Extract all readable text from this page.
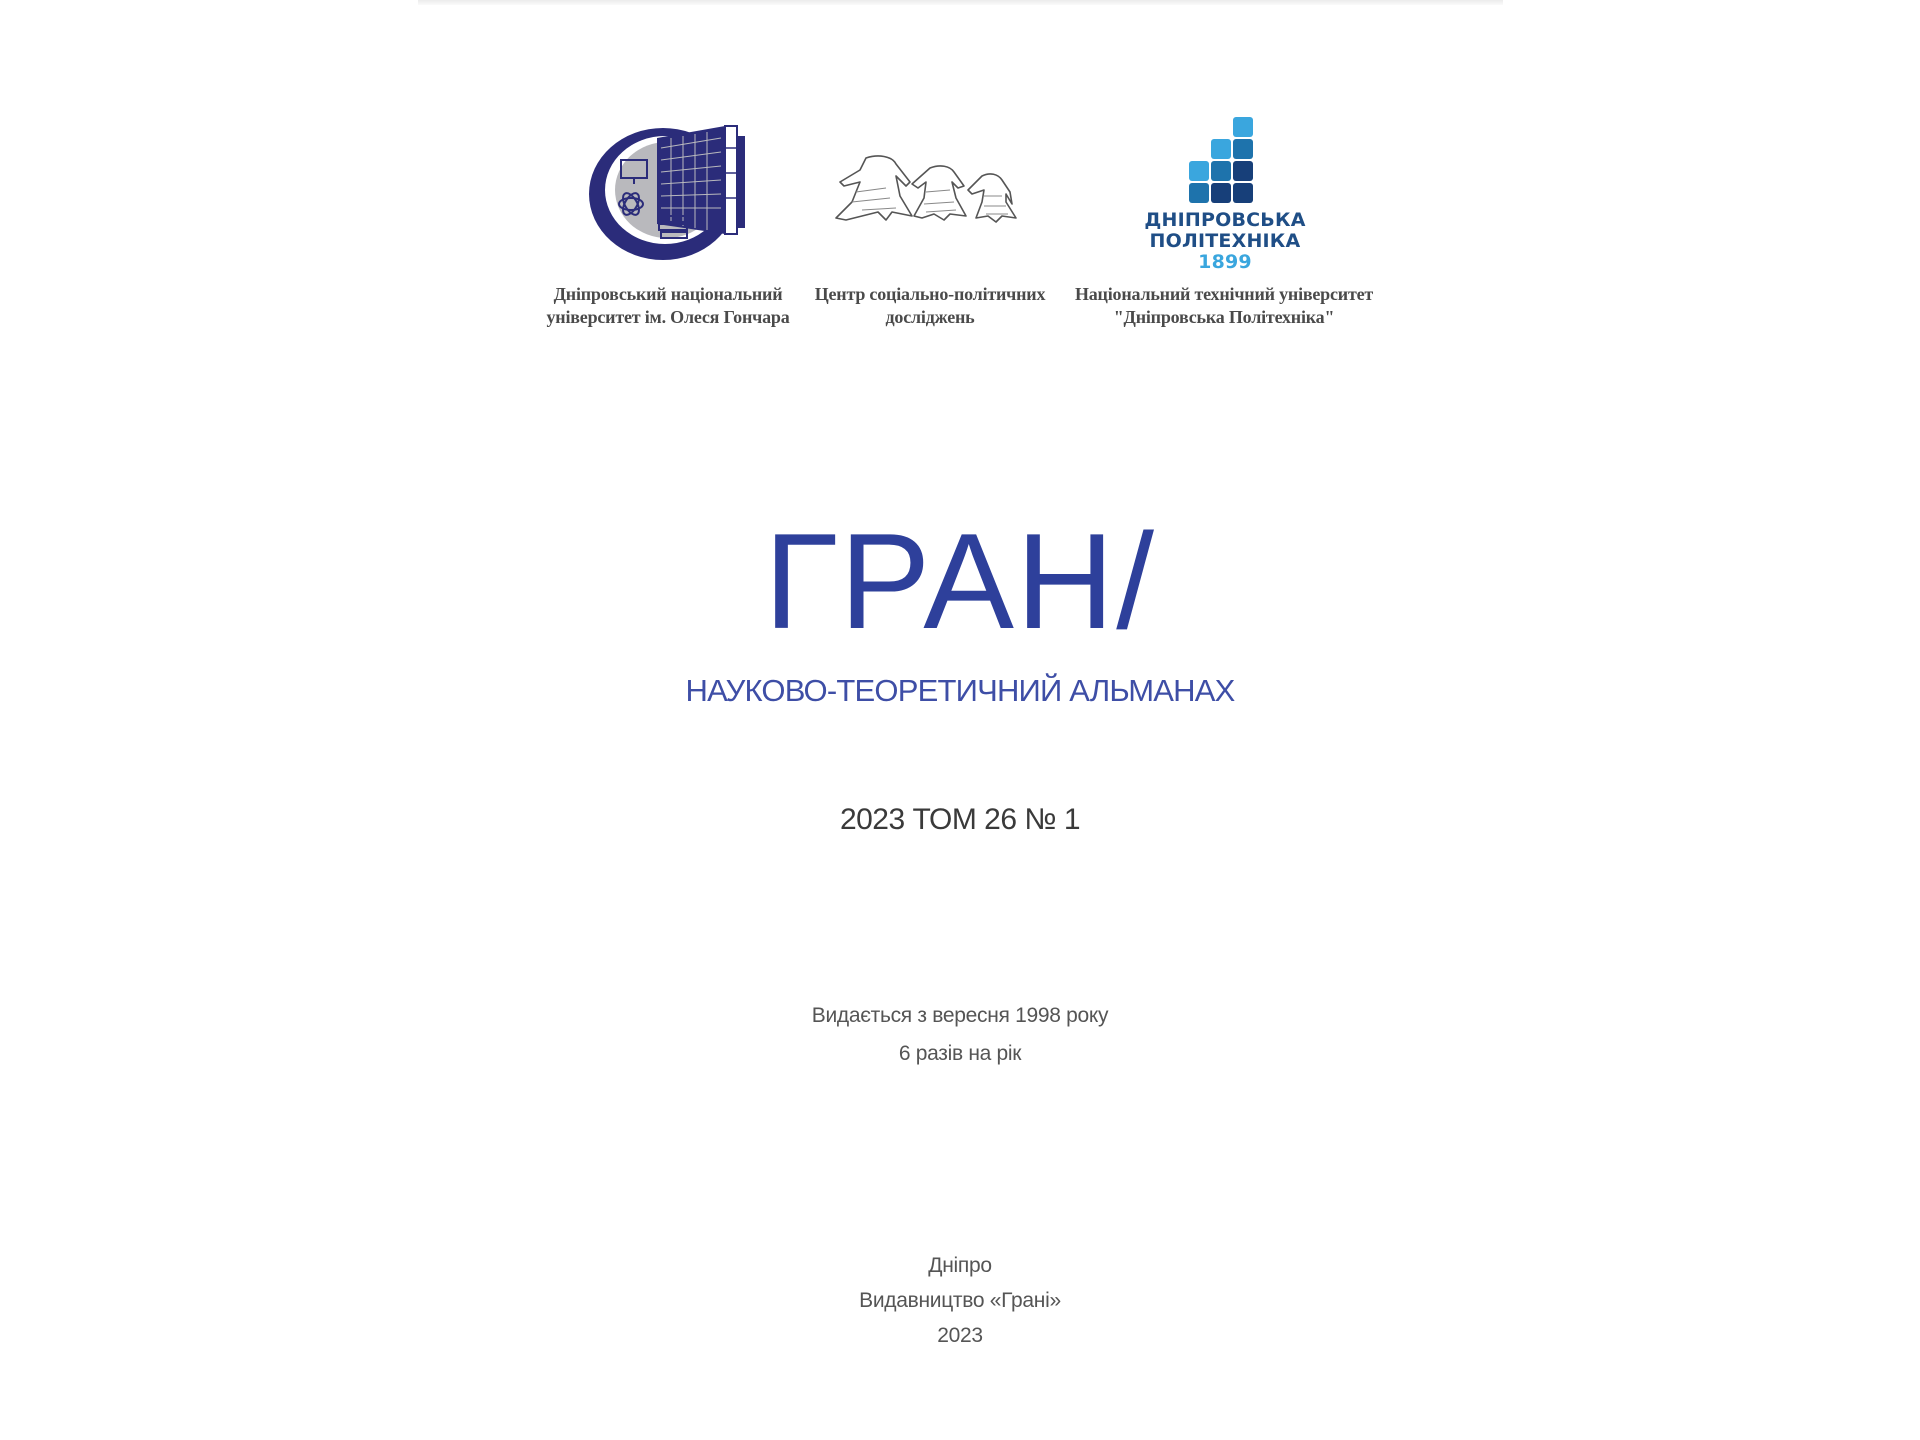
Дніпровський національний
університет ім. Олеся Гончара
Центр соціально-політичних
досліджень
ДНІПРОВСЬКА
ПОЛІТЕХНІКА
1899
Національний технічний університет
"Дніпровська Політехніка"
ГРАН/
НАУКОВО-ТЕОРЕТИЧНИЙ АЛЬМАНАХ
2023 ТОМ 26 № 1
Видається з вересня 1998 року
6 разів на рік
Дніпро
Видавництво «Грані»
2023
